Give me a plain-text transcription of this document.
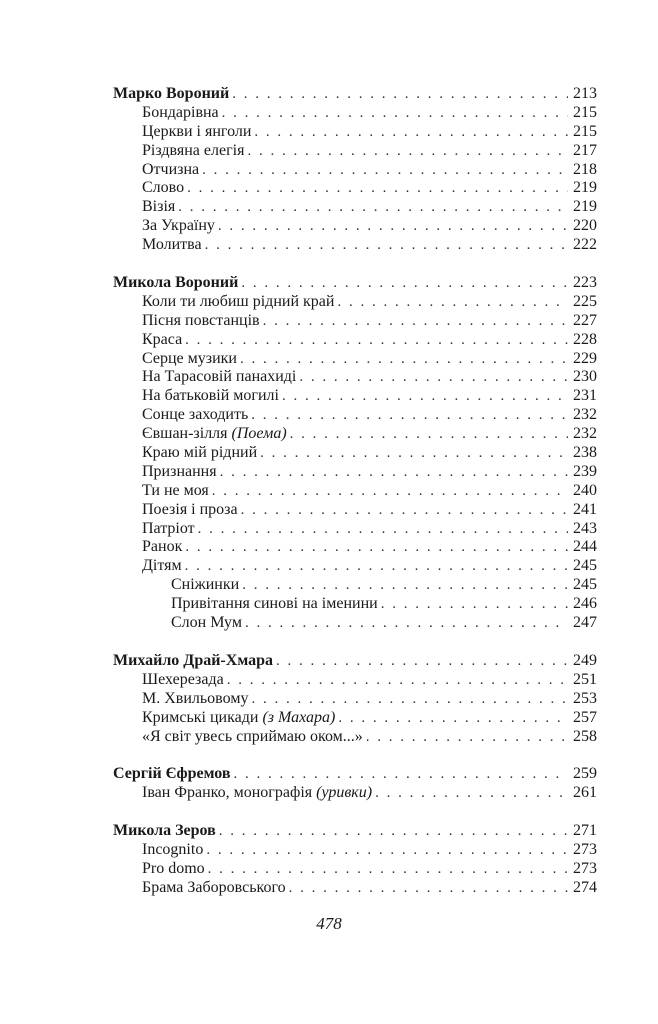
Марко Вороний . . .	213
Бондарівна . . .	215
Церкви і янголи . . .	215
Різдвяна елегія . . .	217
Отчизна . . .	218
Слово . . .	219
Візія . . .	219
За Україну . . .	220
Молитва . . .	222
Микола Вороний . . .	223
Коли ти любиш рідний край . . .	225
Пісня повстанців . . .	227
Краса . . .	228
Серце музики . . .	229
На Тарасовій панахиді . . .	230
На батьковій могилі . . .	231
Сонце заходить . . .	232
Євшан-зілля (Поема) . . .	232
Краю мій рідний . . .	238
Признання . . .	239
Ти не моя . . .	240
Поезія і проза . . .	241
Патріот . . .	243
Ранок . . .	244
Дітям . . .	245
Сніжинки . . .	245
Привітання синові на іменини . . .	246
Слон Мум . . .	247
Михайло Драй-Хмара . . .	249
Шехерезада . . .	251
М. Хвильовому . . .	253
Кримські цикади (з Махара) . . .	257
«Я світ увесь сприймаю оком...» . . .	258
Сергій Єфремов . . .	259
Іван Франко, монографія (уривки) . . .	261
Микола Зеров . . .	271
Incognito . . .	273
Pro domo . . .	273
Брама Заборовського . . .	274
478
